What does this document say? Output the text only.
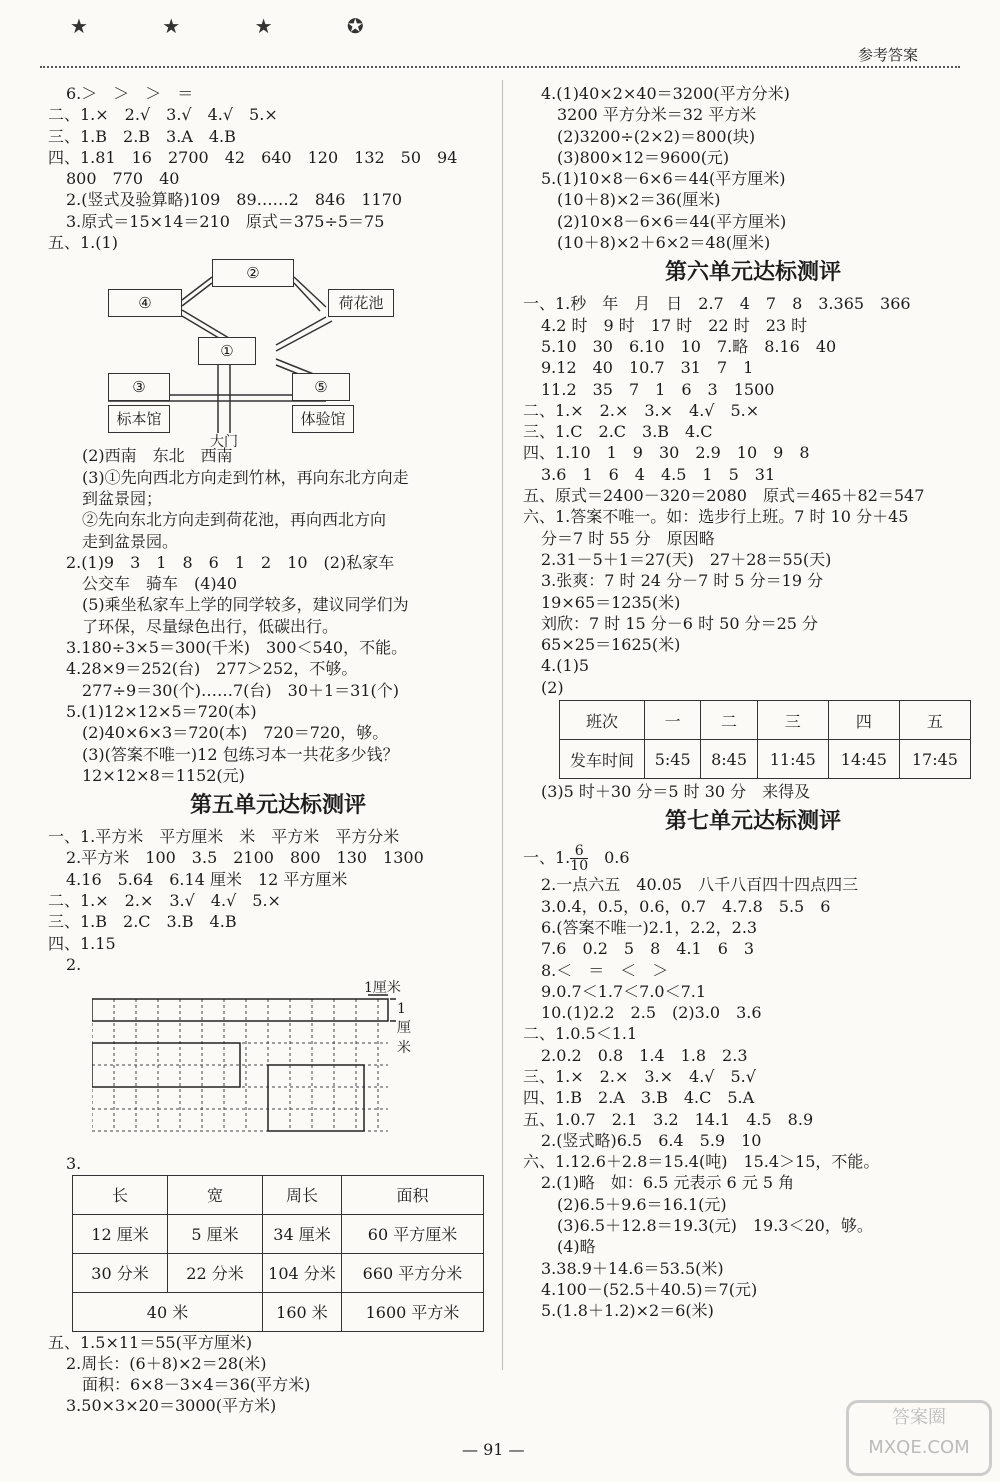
★ ★ ★ ✪
参考答案
6.＞　＞　＞　＝
二、1.×　2.√　3.√　4.√　5.×
三、1.B　2.B　3.A　4.B
四、1.81　16　2700　42　640　120　132　50　94
800　770　40
2.(竖式及验算略)109　89……2　846　1170
3.原式＝15×14＝210　原式＝375÷5＝75
五、1.(1)
②
④	荷花池
①
③	⑤
标本馆	体验馆
大门
(2)西南　东北　西南
(3)①先向西北方向走到竹林，再向东北方向走
到盆景园；
②先向东北方向走到荷花池，再向西北方向
走到盆景园。
2.(1)9　3　1　8　6　1　2　10　(2)私家车
公交车　骑车　(4)40
(5)乘坐私家车上学的同学较多，建议同学们为
了环保，尽量绿色出行，低碳出行。
3.180÷3×5＝300(千米)　300＜540，不能。
4.28×9＝252(台)　277＞252，不够。
277÷9＝30(个)……7(台)　30＋1＝31(个)
5.(1)12×12×5＝720(本)
(2)40×6×3＝720(本)　720＝720，够。
(3)(答案不唯一)12 包练习本一共花多少钱？
12×12×8＝1152(元)
第五单元达标测评
一、1.平方米　平方厘米　米　平方米　平方分米
2.平方米　100　3.5　2100　800　130　1300
4.16　5.64　6.14 厘米　12 平方厘米
二、1.×　2.×　3.√　4.√　5.×
三、1.B　2.C　3.B　4.B
四、1.15
2.
1厘米
1厘米
3.
长	宽	周长	面积
12 厘米	5 厘米	34 厘米	60 平方厘米
30 分米	22 分米	104 分米	660 平方分米
40 米		160 米	1600 平方米
五、1.5×11＝55(平方厘米)
2.周长：(6＋8)×2＝28(米)
面积：6×8－3×4＝36(平方米)
3.50×3×20＝3000(平方米)
4.(1)40×2×40＝3200(平方分米)
3200 平方分米＝32 平方米
(2)3200÷(2×2)＝800(块)
(3)800×12＝9600(元)
5.(1)10×8－6×6＝44(平方厘米)
(10＋8)×2＝36(厘米)
(2)10×8－6×6＝44(平方厘米)
(10＋8)×2＋6×2＝48(厘米)
第六单元达标测评
一、1.秒　年　月　日　2.7　4　7　8　3.365　366
4.2 时　9 时　17 时　22 时　23 时
5.10　30　6.10　10　7.略　8.16　40
9.12　40　10.7　31　7　1
11.2　35　7　1　6　3　1500
二、1.×　2.×　3.×　4.√　5.×
三、1.C　2.C　3.B　4.C
四、1.10　1　9　30　2.9　10　9　8
3.6　1　6　4　4.5　1　5　31
五、原式＝2400－320＝2080　原式＝465＋82＝547
六、1.答案不唯一。如：选步行上班。7 时 10 分＋45
分＝7 时 55 分　原因略
2.31－5＋1＝27(天)　27＋28＝55(天)
3.张爽：7 时 24 分－7 时 5 分＝19 分
19×65＝1235(米)
刘欣：7 时 15 分－6 时 50 分＝25 分
65×25＝1625(米)
4.(1)5
(2)
班次	一	二	三	四	五
发车时间	5:45	8:45	11:45	14:45	17:45
(3)5 时＋30 分＝5 时 30 分　来得及
第七单元达标测评
一、1. $\frac{6}{10}$ 　0.6
2.一点六五　40.05　八千八百四十四点四三
3.0.4，0.5，0.6，0.7　4.7.8　5.5　6
6.(答案不唯一)2.1，2.2，2.3
7.6　0.2　5　8　4.1　6　3
8.＜　＝　＜　＞
9.0.7＜1.7＜7.0＜7.1
10.(1)2.2　2.5　(2)3.0　3.6
二、1.0.5＜1.1
2.0.2　0.8　1.4　1.8　2.3
三、1.×　2.×　3.×　4.√　5.√
四、1.B　2.A　3.B　4.C　5.A
五、1.0.7　2.1　3.2　14.1　4.5　8.9
2.(竖式略)6.5　6.4　5.9　10
六、1.12.6＋2.8＝15.4(吨)　15.4＞15，不能。
2.(1)略　如：6.5 元表示 6 元 5 角
(2)6.5＋9.6＝16.1(元)
(3)6.5＋12.8＝19.3(元)　19.3＜20，够。
(4)略
3.38.9＋14.6＝53.5(米)
4.100－(52.5＋40.5)＝7(元)
5.(1.8＋1.2)×2＝6(米)
— 91 —
答案圈 MXQE.COM
